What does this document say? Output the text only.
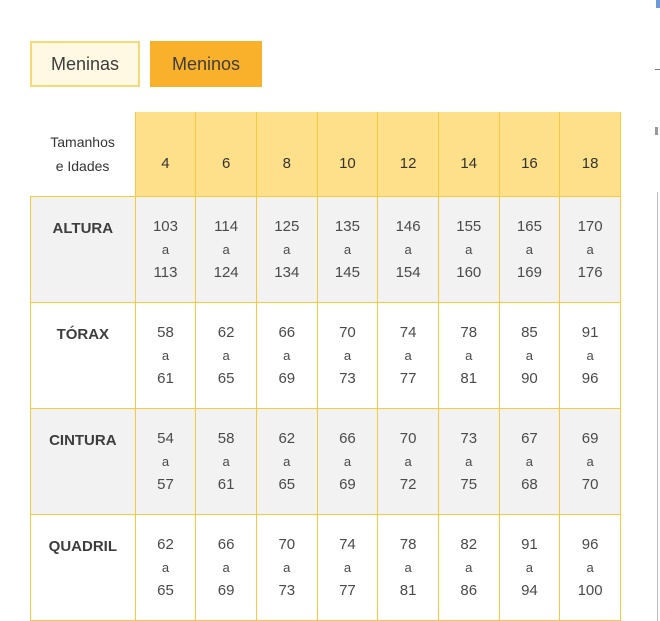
Meninas	Meninos
Tamanhos
e Idades	4	6	8	10	12	14	16	18
ALTURA	103
a
113	114
a
124	125
a
134	135
a
145	146
a
154	155
a
160	165
a
169	170
a
176

TÓRAX	58
a
61	62
a
65	66
a
69	70
a
73	74
a
77	78
a
81	85
a
90	91
a
96

CINTURA	54
a
57	58
a
61	62
a
65	66
a
69	70
a
72	73
a
75	67
a
68	69
a
70

QUADRIL	62
a
65	66
a
69	70
a
73	74
a
77	78
a
81	82
a
86	91
a
94	96
a
100
